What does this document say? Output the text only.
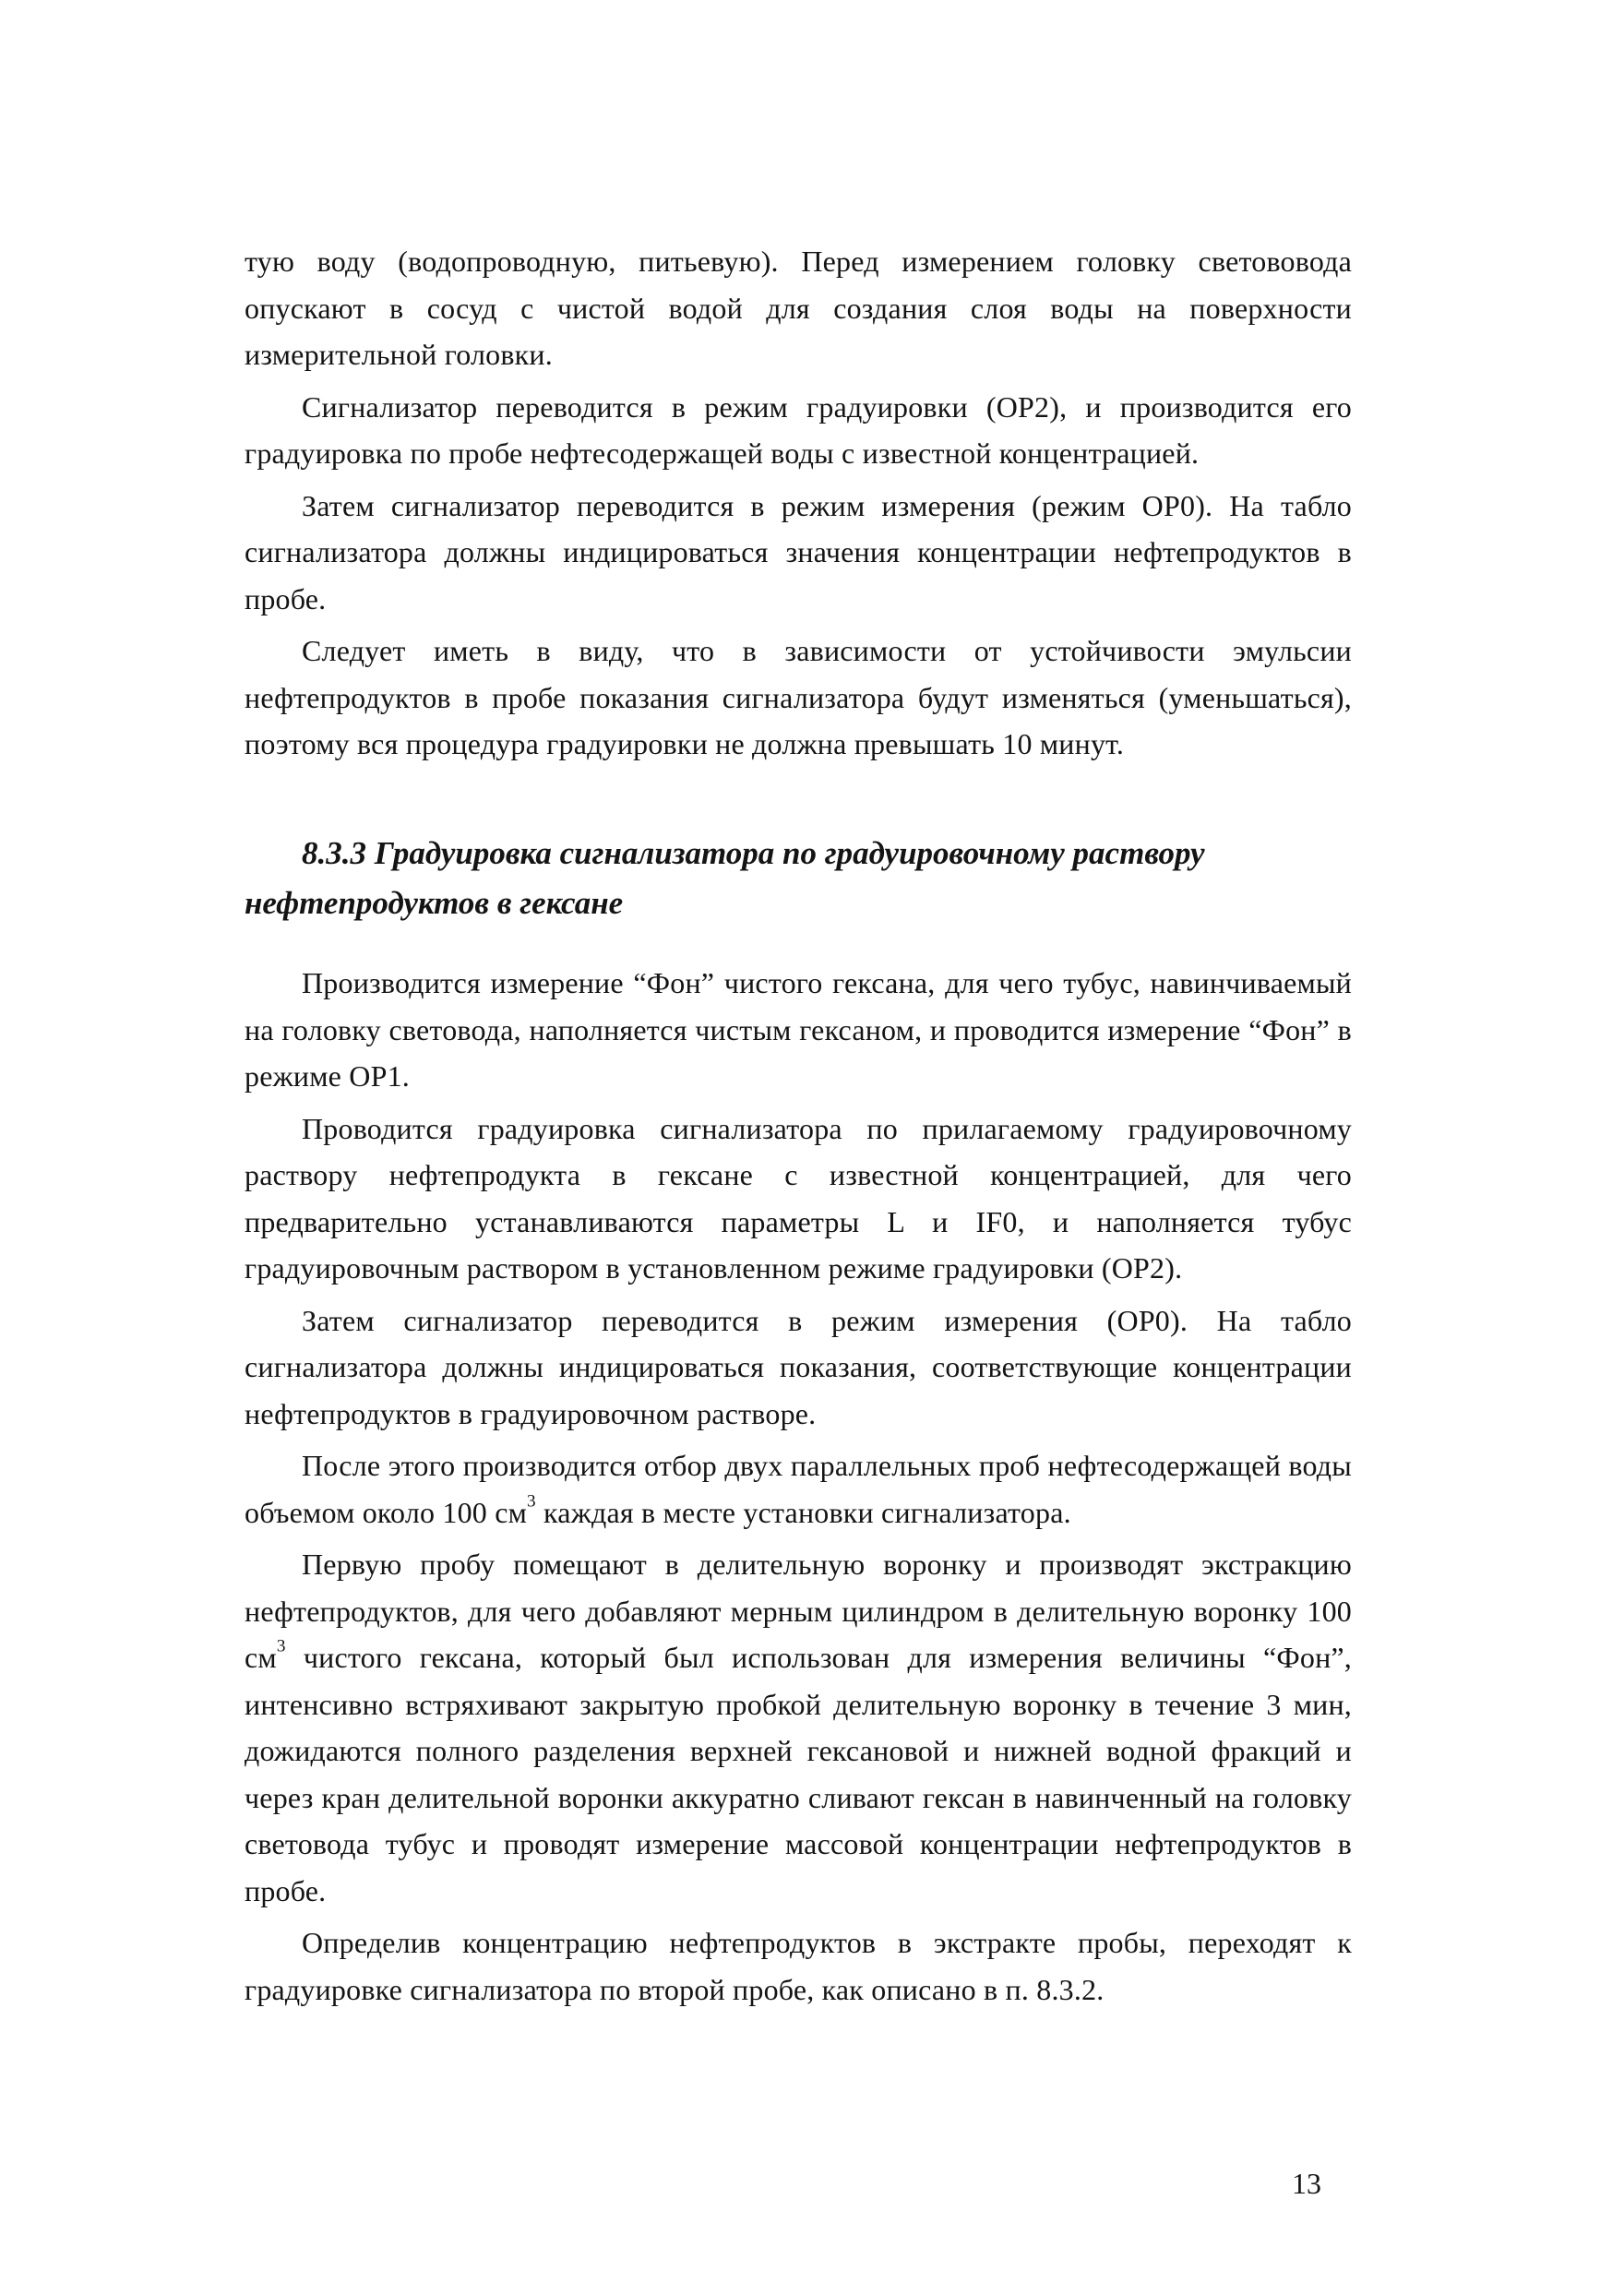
тую воду (водопроводную, питьевую). Перед измерением головку светововода опускают в сосуд с чистой водой для создания слоя воды на поверхности измерительной головки.

Сигнализатор переводится в режим градуировки (ОР2), и производится его градуировка по пробе нефтесодержащей воды с известной концентрацией.

Затем сигнализатор переводится в режим измерения (режим ОР0). На табло сигнализатора должны индицироваться значения концентрации нефтепродуктов в пробе.

Следует иметь в виду, что в зависимости от устойчивости эмульсии нефтепродуктов в пробе показания сигнализатора будут изменяться (уменьшаться), поэтому вся процедура градуировки не должна превышать 10 минут.

8.3.3 Градуировка сигнализатора по градуировочному раствору нефтепродуктов в гексане

Производится измерение “Фон” чистого гексана, для чего тубус, навинчиваемый на головку световода, наполняется чистым гексаном, и проводится измерение “Фон” в режиме ОР1.

Проводится градуировка сигнализатора по прилагаемому градуировочному раствору нефтепродукта в гексане с известной концентрацией, для чего предварительно устанавливаются параметры L и IF0, и наполняется тубус градуировочным раствором в установленном режиме градуировки (ОР2).

Затем сигнализатор переводится в режим измерения (ОР0). На табло сигнализатора должны индицироваться показания, соответствующие концентрации нефтепродуктов в градуировочном растворе.

После этого производится отбор двух параллельных проб нефтесодержащей воды объемом около 100 $см^3$ каждая в месте установки сигнализатора.

Первую пробу помещают в делительную воронку и производят экстракцию нефтепродуктов, для чего добавляют мерным цилиндром в делительную воронку 100 $см^3$ чистого гексана, который был использован для измерения величины “Фон”, интенсивно встряхивают закрытую пробкой делительную воронку в течение 3 мин, дожидаются полного разделения верхней гексановой и нижней водной фракций и через кран делительной воронки аккуратно сливают гексан в навинченный на головку световода тубус и проводят измерение массовой концентрации нефтепродуктов в пробе.

Определив концентрацию нефтепродуктов в экстракте пробы, переходят к градуировке сигнализатора по второй пробе, как описано в п. 8.3.2.

13
